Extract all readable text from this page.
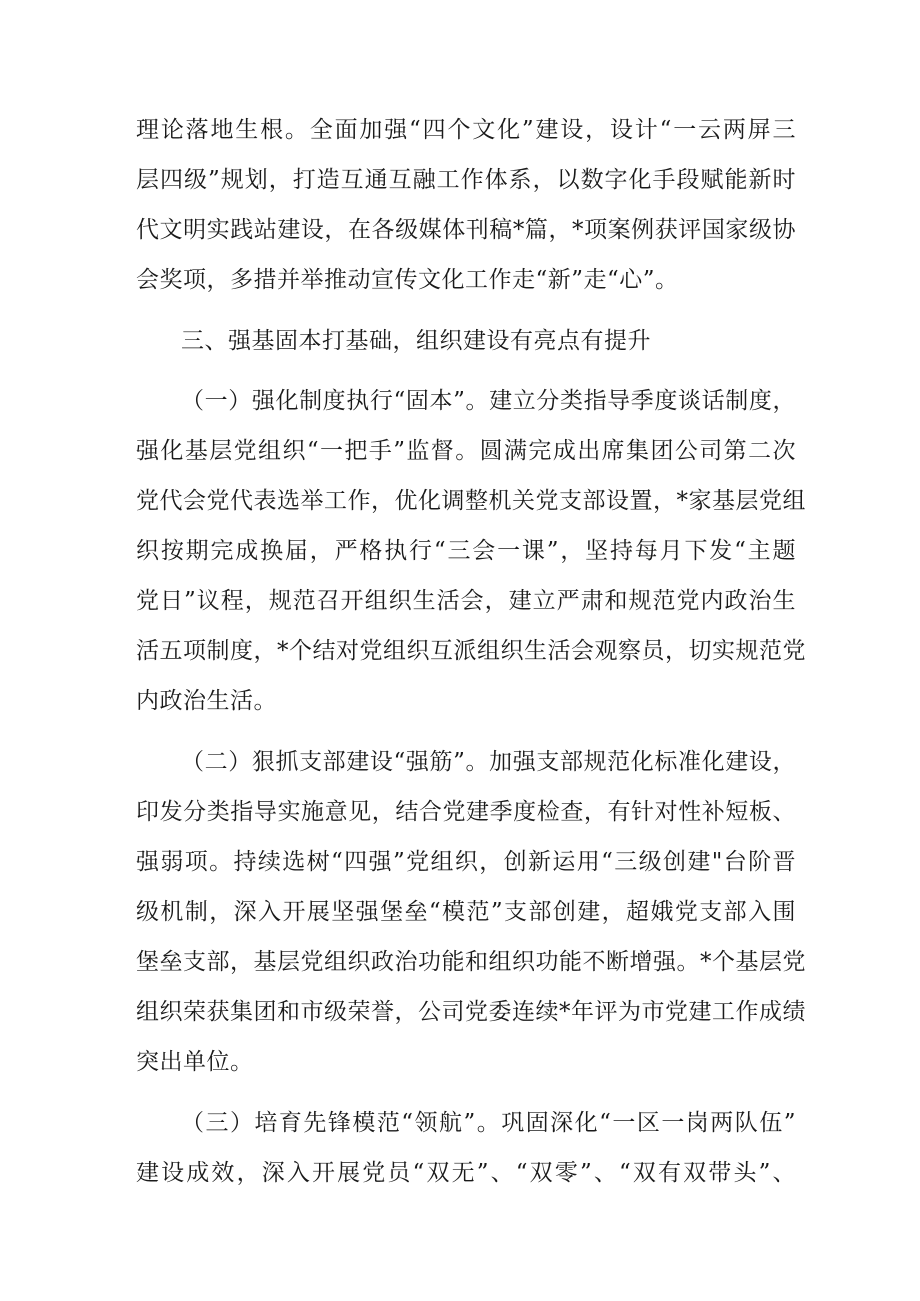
理论落地生根。全面加强“四个文化”建设，设计“一云两屏三
层四级”规划，打造互通互融工作体系，以数字化手段赋能新时
代文明实践站建设，在各级媒体刊稿*篇，*项案例获评国家级协
会奖项，多措并举推动宣传文化工作走“新”走“心”。
三、强基固本打基础，组织建设有亮点有提升
（一）强化制度执行“固本”。建立分类指导季度谈话制度，
强化基层党组织“一把手”监督。圆满完成出席集团公司第二次
党代会党代表选举工作，优化调整机关党支部设置，*家基层党组
织按期完成换届，严格执行“三会一课”，坚持每月下发“主题
党日”议程，规范召开组织生活会，建立严肃和规范党内政治生
活五项制度，*个结对党组织互派组织生活会观察员，切实规范党
内政治生活。
（二）狠抓支部建设“强筋”。加强支部规范化标准化建设，
印发分类指导实施意见，结合党建季度检查，有针对性补短板、
强弱项。持续选树“四强”党组织，创新运用“三级创建"台阶晋
级机制，深入开展坚强堡垒“模范”支部创建，超娥党支部入围
堡垒支部，基层党组织政治功能和组织功能不断增强。*个基层党
组织荣获集团和市级荣誉，公司党委连续*年评为市党建工作成绩
突出单位。
（三）培育先锋模范“领航”。巩固深化“一区一岗两队伍”
建设成效，深入开展党员“双无”、“双零”、“双有双带头”、
